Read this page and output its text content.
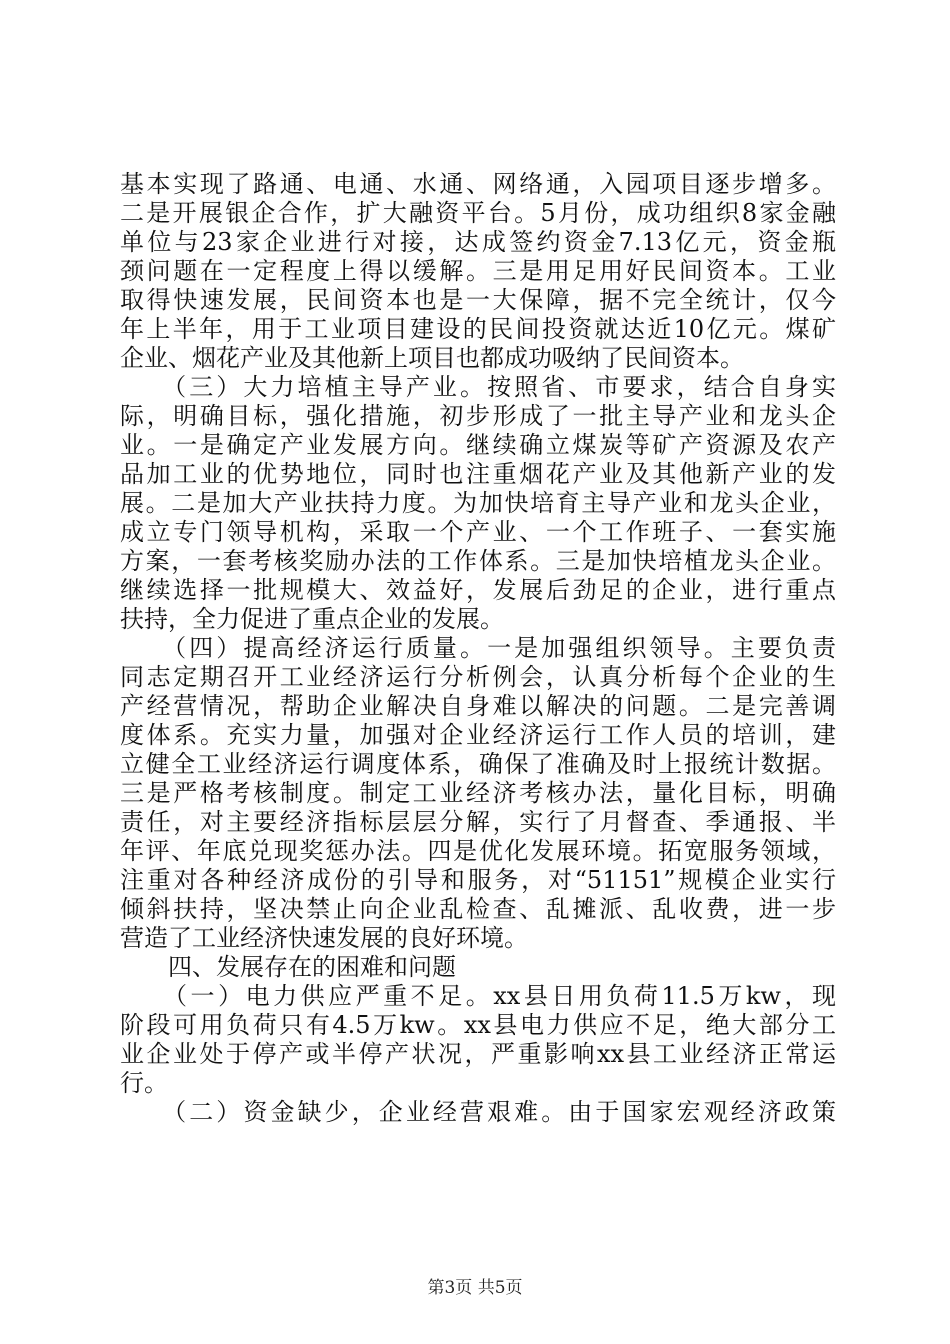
基本实现了路通、电通、水通、网络通，入园项目逐步增多。
二是开展银企合作，扩大融资平台。5月份，成功组织8家金融
单位与23家企业进行对接，达成签约资金7.13亿元，资金瓶
颈问题在一定程度上得以缓解。三是用足用好民间资本。工业
取得快速发展，民间资本也是一大保障，据不完全统计，仅今
年上半年，用于工业项目建设的民间投资就达近10亿元。煤矿
企业、烟花产业及其他新上项目也都成功吸纳了民间资本。
　　（三）大力培植主导产业。按照省、市要求，结合自身实
际，明确目标，强化措施，初步形成了一批主导产业和龙头企
业。一是确定产业发展方向。继续确立煤炭等矿产资源及农产
品加工业的优势地位，同时也注重烟花产业及其他新产业的发
展。二是加大产业扶持力度。为加快培育主导产业和龙头企业，
成立专门领导机构，采取一个产业、一个工作班子、一套实施
方案，一套考核奖励办法的工作体系。三是加快培植龙头企业。
继续选择一批规模大、效益好，发展后劲足的企业，进行重点
扶持，全力促进了重点企业的发展。
　　（四）提高经济运行质量。一是加强组织领导。主要负责
同志定期召开工业经济运行分析例会，认真分析每个企业的生
产经营情况，帮助企业解决自身难以解决的问题。二是完善调
度体系。充实力量，加强对企业经济运行工作人员的培训，建
立健全工业经济运行调度体系，确保了准确及时上报统计数据。
三是严格考核制度。制定工业经济考核办法，量化目标，明确
责任，对主要经济指标层层分解，实行了月督查、季通报、半
年评、年底兑现奖惩办法。四是优化发展环境。拓宽服务领域，
注重对各种经济成份的引导和服务，对“51151”规模企业实行
倾斜扶持，坚决禁止向企业乱检查、乱摊派、乱收费，进一步
营造了工业经济快速发展的良好环境。
　　四、发展存在的困难和问题
　　（一）电力供应严重不足。xx县日用负荷11.5万kw，现
阶段可用负荷只有4.5万kw。xx县电力供应不足，绝大部分工
业企业处于停产或半停产状况，严重影响xx县工业经济正常运
行。
　　（二）资金缺少，企业经营艰难。由于国家宏观经济政策
第3页 共5页
